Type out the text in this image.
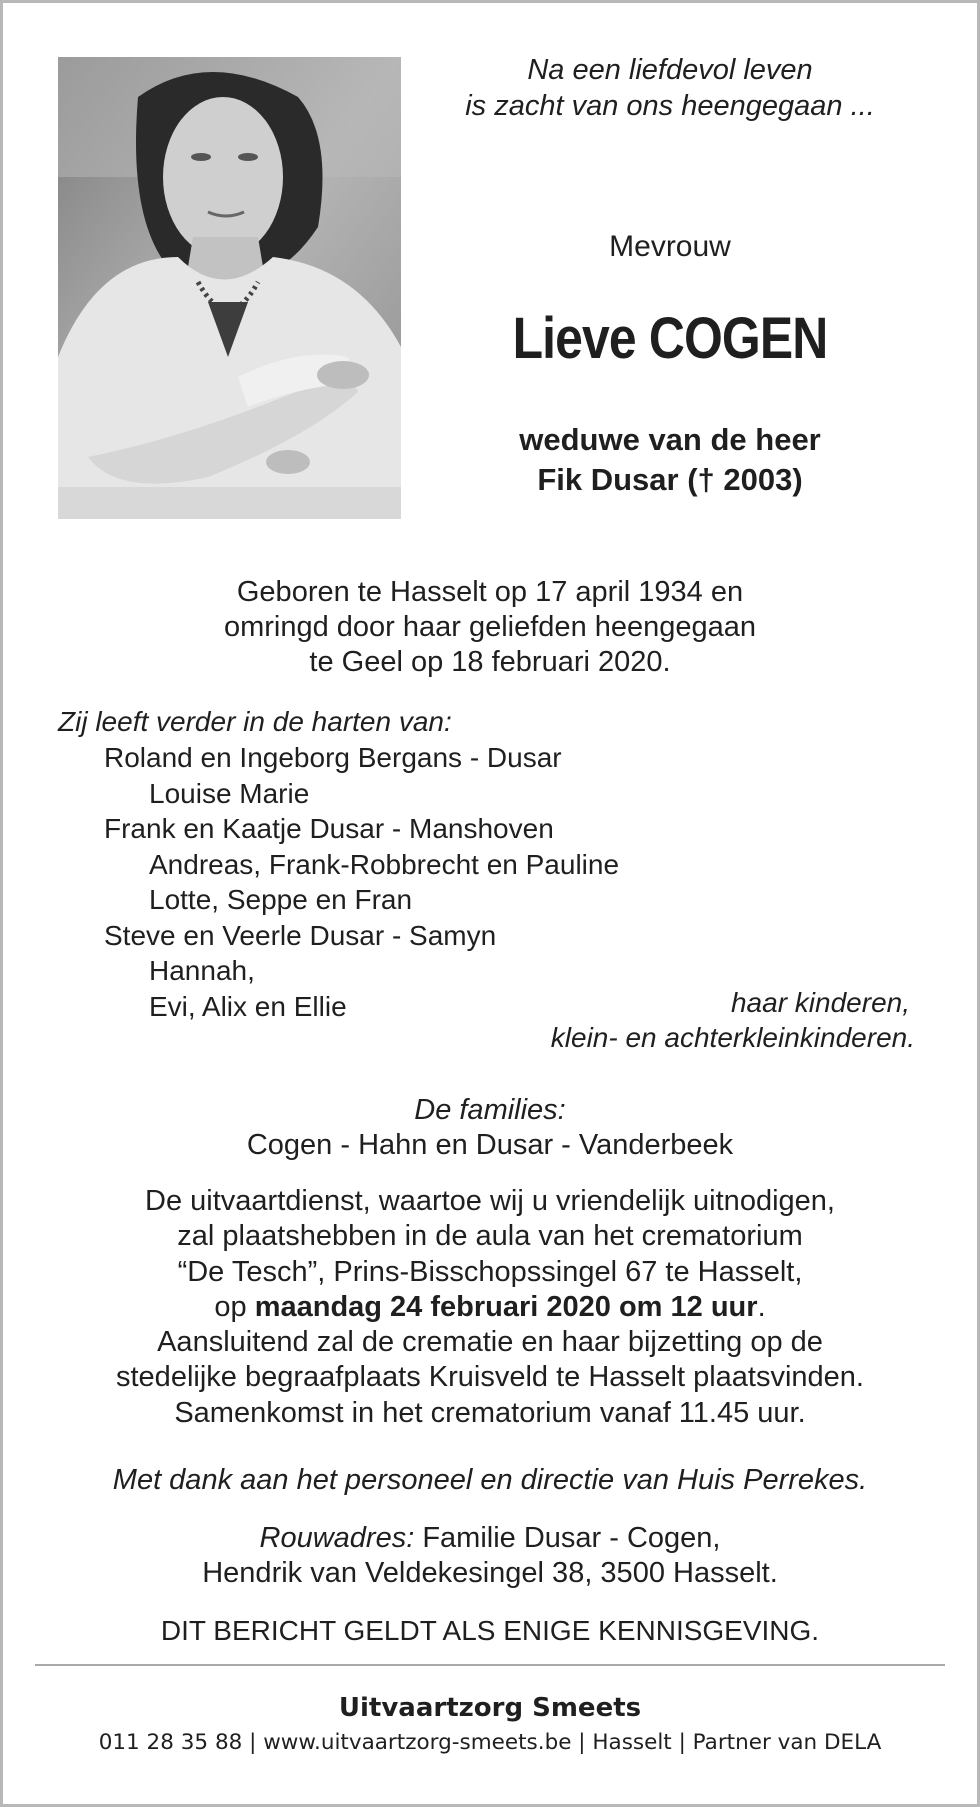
Na een liefdevol leven
is zacht van ons heengegaan ...
Mevrouw
Lieve COGEN
weduwe van de heer
Fik Dusar († 2003)
Geboren te Hasselt op 17 april 1934 en
omringd door haar geliefden heengegaan
te Geel op 18 februari 2020.
Zij leeft verder in de harten van:
Roland en Ingeborg Bergans - Dusar
Louise Marie
Frank en Kaatje Dusar - Manshoven
Andreas, Frank-Robbrecht en Pauline
Lotte, Seppe en Fran
Steve en Veerle Dusar - Samyn
Hannah,
Evi, Alix en Ellie	haar kinderen,
klein- en achterkleinkinderen.
De families:
Cogen - Hahn en Dusar - Vanderbeek
De uitvaartdienst, waartoe wij u vriendelijk uitnodigen,
zal plaatshebben in de aula van het crematorium
“De Tesch”, Prins-Bisschopssingel 67 te Hasselt,
op maandag 24 februari 2020 om 12 uur.
Aansluitend zal de crematie en haar bijzetting op de
stedelijke begraafplaats Kruisveld te Hasselt plaatsvinden.
Samenkomst in het crematorium vanaf 11.45 uur.
Met dank aan het personeel en directie van Huis Perrekes.
Rouwadres: Familie Dusar - Cogen,
Hendrik van Veldekesingel 38, 3500 Hasselt.
DIT BERICHT GELDT ALS ENIGE KENNISGEVING.
Uitvaartzorg Smeets
011 28 35 88 | www.uitvaartzorg-smeets.be | Hasselt | Partner van DELA
